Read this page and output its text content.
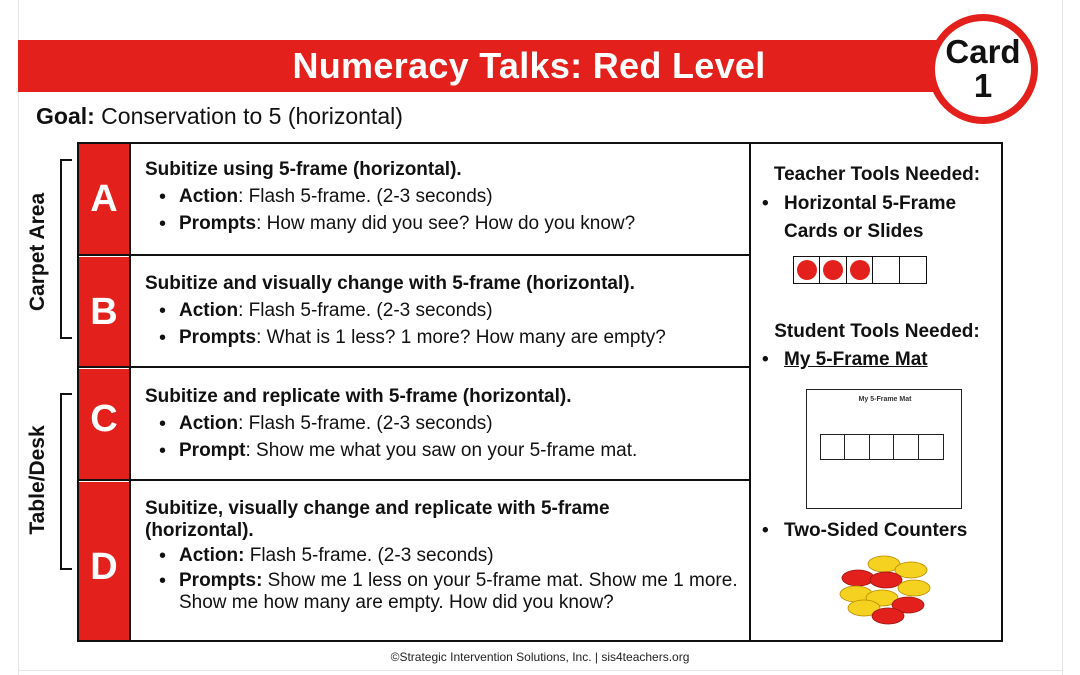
Numeracy Talks: Red Level	Card
1
Goal: Conservation to 5 (horizontal)
Carpet Area
Table/Desk
A
B
C
D
Subitize using 5-frame (horizontal).
• Action: Flash 5-frame. (2-3 seconds)
• Prompts: How many did you see? How do you know?
Subitize and visually change with 5-frame (horizontal).
• Action: Flash 5-frame. (2-3 seconds)
• Prompts: What is 1 less? 1 more? How many are empty?
Subitize and replicate with 5-frame (horizontal).
• Action: Flash 5-frame. (2-3 seconds)
• Prompt: Show me what you saw on your 5-frame mat.
Subitize, visually change and replicate with 5-frame (horizontal).
• Action: Flash 5-frame. (2-3 seconds)
• Prompts: Show me 1 less on your 5-frame mat. Show me 1 more. Show me how many are empty. How did you know?
Teacher Tools Needed:
• Horizontal 5-Frame Cards or Slides
Student Tools Needed:
• My 5-Frame Mat
My 5-Frame Mat
• Two-Sided Counters
©Strategic Intervention Solutions, Inc. | sis4teachers.org
